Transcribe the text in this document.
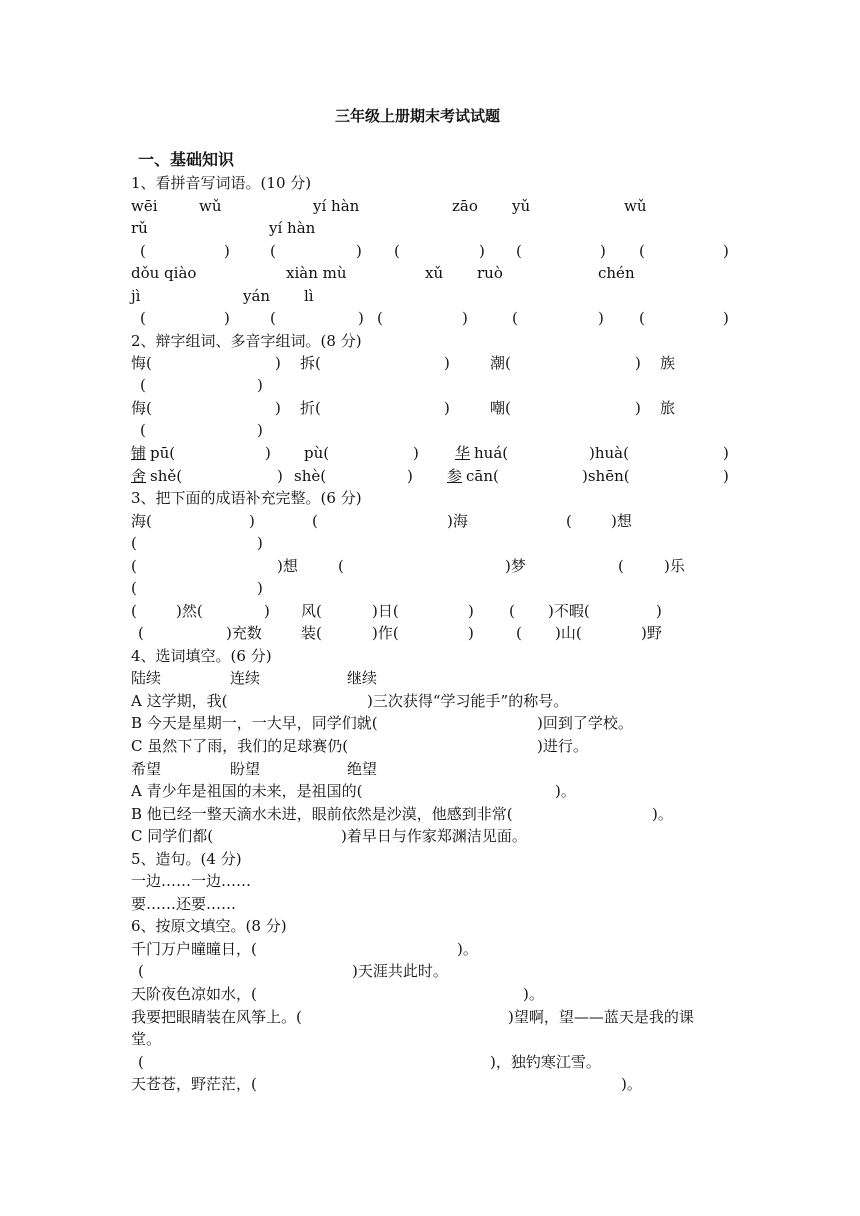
三年级上册期末考试试题
一、基础知识
1、看拼音写词语。(10 分)
wēi	wǔ	yí hàn	zāo yǔ	wǔ
rǔ	yí hàn
(	)	(	) (	) (	) (	)
dǒu qiào	xiàn mù	xǔ ruò	chén
jì	yán lì
(	)	(	) (	)	(	) (	)
2、辩字组词、多音字组词。(8 分)
悔(	) 拆(	)	潮(	) 族
(	)
侮(	) 折(	)	嘲(	) 旅
(	)
铺 pū(	) pù(	) 华 huá(	)huà(	)
舍 shě(	) shè(	) 参 cān(	)shēn(	)
3、把下面的成语补充完整。(6 分)
海(	)	(	)海	(	)想
(	)
(	)想	(	)梦	(	)乐
(	)
(	)然(	) 风(	)日(	) ( )不暇(	)
(	)充数	装(	)作(	)	( )山(	)野
4、选词填空。(6 分)
陆续	连续	继续
A 这学期，我(	)三次获得“学习能手”的称号。
B 今天是星期一，一大早，同学们就(	)回到了学校。
C 虽然下了雨，我们的足球赛仍(	)进行。
希望	盼望	绝望
A 青少年是祖国的未来，是祖国的(	)。
B 他已经一整天滴水未进，眼前依然是沙漠，他感到非常(	)。
C 同学们都(	)着早日与作家郑渊洁见面。
5、造句。(4 分)
一边……一边……
要……还要……
6、按原文填空。(8 分)
千门万户曈曈日，(	)。
(	)天涯共此时。
天阶夜色凉如水，(	)。
我要把眼睛装在风筝上。(	)望啊，望——蓝天是我的课
堂。
(	)，独钓寒江雪。
天苍苍，野茫茫，(	)。
